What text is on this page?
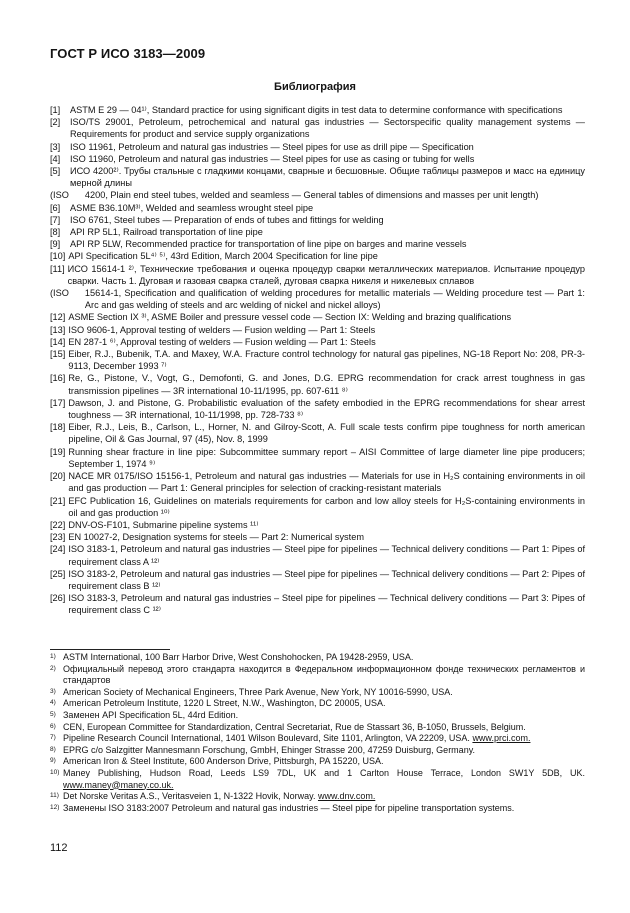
ГОСТ Р ИСО 3183—2009
Библиография
[1]	ASTM E 29 — 04¹⁾, Standard practice for using significant digits in test data to determine conformance with specifications
[2]	ISO/TS 29001, Petroleum, petrochemical and natural gas industries — Sectorspecific quality management systems — Requirements for product and service supply organizations
[3]	ISO 11961, Petroleum and natural gas industries — Steel pipes for use as drill pipe — Specification
[4]	ISO 11960, Petroleum and natural gas industries — Steel pipes for use as casing or tubing for wells
[5]	ИСО 4200²⁾. Трубы стальные с гладкими концами, сварные и бесшовные. Общие таблицы размеров и масс на единицу мерной длины
(ISO 4200, Plain end steel tubes, welded and seamless — General tables of dimensions and masses per unit length)
[6]	ASME B36.10M³⁾, Welded and seamless wrought steel pipe
[7]	ISO 6761, Steel tubes — Preparation of ends of tubes and fittings for welding
[8]	API RP 5L1, Railroad transportation of line pipe
[9]	API RP 5LW, Recommended practice for transportation of line pipe on barges and marine vessels
[10] API Specification 5L⁴⁾ ⁵⁾, 43rd Edition, March 2004 Specification for line pipe
[11] ИСО 15614-1 ²⁾, Технические требования и оценка процедур сварки металлических материалов. Испытание процедур сварки. Часть 1. Дуговая и газовая сварка сталей, дуговая сварка никеля и никелевых сплавов
(ISO 15614-1, Specification and qualification of welding procedures for metallic materials — Welding procedure test — Part 1: Arc and gas welding of steels and arc welding of nickel and nickel alloys)
[12] ASME Section IX ³⁾, ASME Boiler and pressure vessel code — Section IX: Welding and brazing qualifications
[13] ISO 9606-1, Approval testing of welders — Fusion welding — Part 1: Steels
[14] EN 287-1 ⁶⁾, Approval testing of welders — Fusion welding — Part 1: Steels
[15] Eiber, R.J., Bubenik, T.A. and Maxey, W.A. Fracture control technology for natural gas pipelines, NG-18 Report No: 208, PR-3-9113, December 1993 ⁷⁾
[16] Re, G., Pistone, V., Vogt, G., Demofonti, G. and Jones, D.G. EPRG recommendation for crack arrest toughness in gas transmission pipelines — 3R international 10-11/1995, pp. 607-611 ⁸⁾
[17] Dawson, J. and Pistone, G. Probabilistic evaluation of the safety embodied in the EPRG recommendations for shear arrest toughness — 3R international, 10-11/1998, pp. 728-733 ⁸⁾
[18] Eiber, R.J., Leis, B., Carlson, L., Horner, N. and Gilroy-Scott, A. Full scale tests confirm pipe toughness for north american pipeline, Oil & Gas Journal, 97 (45), Nov. 8, 1999
[19] Running shear fracture in line pipe: Subcommittee summary report – AISI Committee of large diameter line pipe producers; September 1, 1974 ⁹⁾
[20] NACE MR 0175/ISO 15156-1, Petroleum and natural gas industries — Materials for use in H₂S containing environments in oil and gas production — Part 1: General principles for selection of cracking-resistant materials
[21] EFC Publication 16, Guidelines on materials requirements for carbon and low alloy steels for H₂S-containing environments in oil and gas production ¹⁰⁾
[22] DNV-OS-F101, Submarine pipeline systems ¹¹⁾
[23] EN 10027-2, Designation systems for steels — Part 2: Numerical system
[24] ISO 3183-1, Petroleum and natural gas industries — Steel pipe for pipelines — Technical delivery conditions — Part 1: Pipes of requirement class A ¹²⁾
[25] ISO 3183-2, Petroleum and natural gas industries — Steel pipe for pipelines — Technical delivery conditions — Part 2: Pipes of requirement class B ¹²⁾
[26] ISO 3183-3, Petroleum and natural gas industries – Steel pipe for pipelines — Technical delivery conditions — Part 3: Pipes of requirement class C ¹²⁾
1) ASTM International, 100 Barr Harbor Drive, West Conshohocken, PA 19428-2959, USA.
2) Официальный перевод этого стандарта находится в Федеральном информационном фонде технических регламентов и стандартов
3) American Society of Mechanical Engineers, Three Park Avenue, New York, NY 10016-5990, USA.
4) American Petroleum Institute, 1220 L Street, N.W., Washington, DC 20005, USA.
5) Заменен API Specification 5L, 44rd Edition.
6) CEN, European Committee for Standardization, Central Secretariat, Rue de Stassart 36, B-1050, Brussels, Belgium.
7) Pipeline Research Council International, 1401 Wilson Boulevard, Site 1101, Arlington, VA 22209, USA. www.prci.com.
8) EPRG c/o Salzgitter Mannesmann Forschung, GmbH, Ehinger Strasse 200, 47259 Duisburg, Germany.
9) American Iron & Steel Institute, 600 Anderson Drive, Pittsburgh, PA 15220, USA.
10) Maney Publishing, Hudson Road, Leeds LS9 7DL, UK and 1 Carlton House Terrace, London SW1Y 5DB, UK. www.maney@maney.co.uk.
11) Det Norske Veritas A.S., Veritasveien 1, N-1322 Hovik, Norway. www.dnv.com.
12) Заменены ISO 3183:2007 Petroleum and natural gas industries — Steel pipe for pipeline transportation systems.
112
